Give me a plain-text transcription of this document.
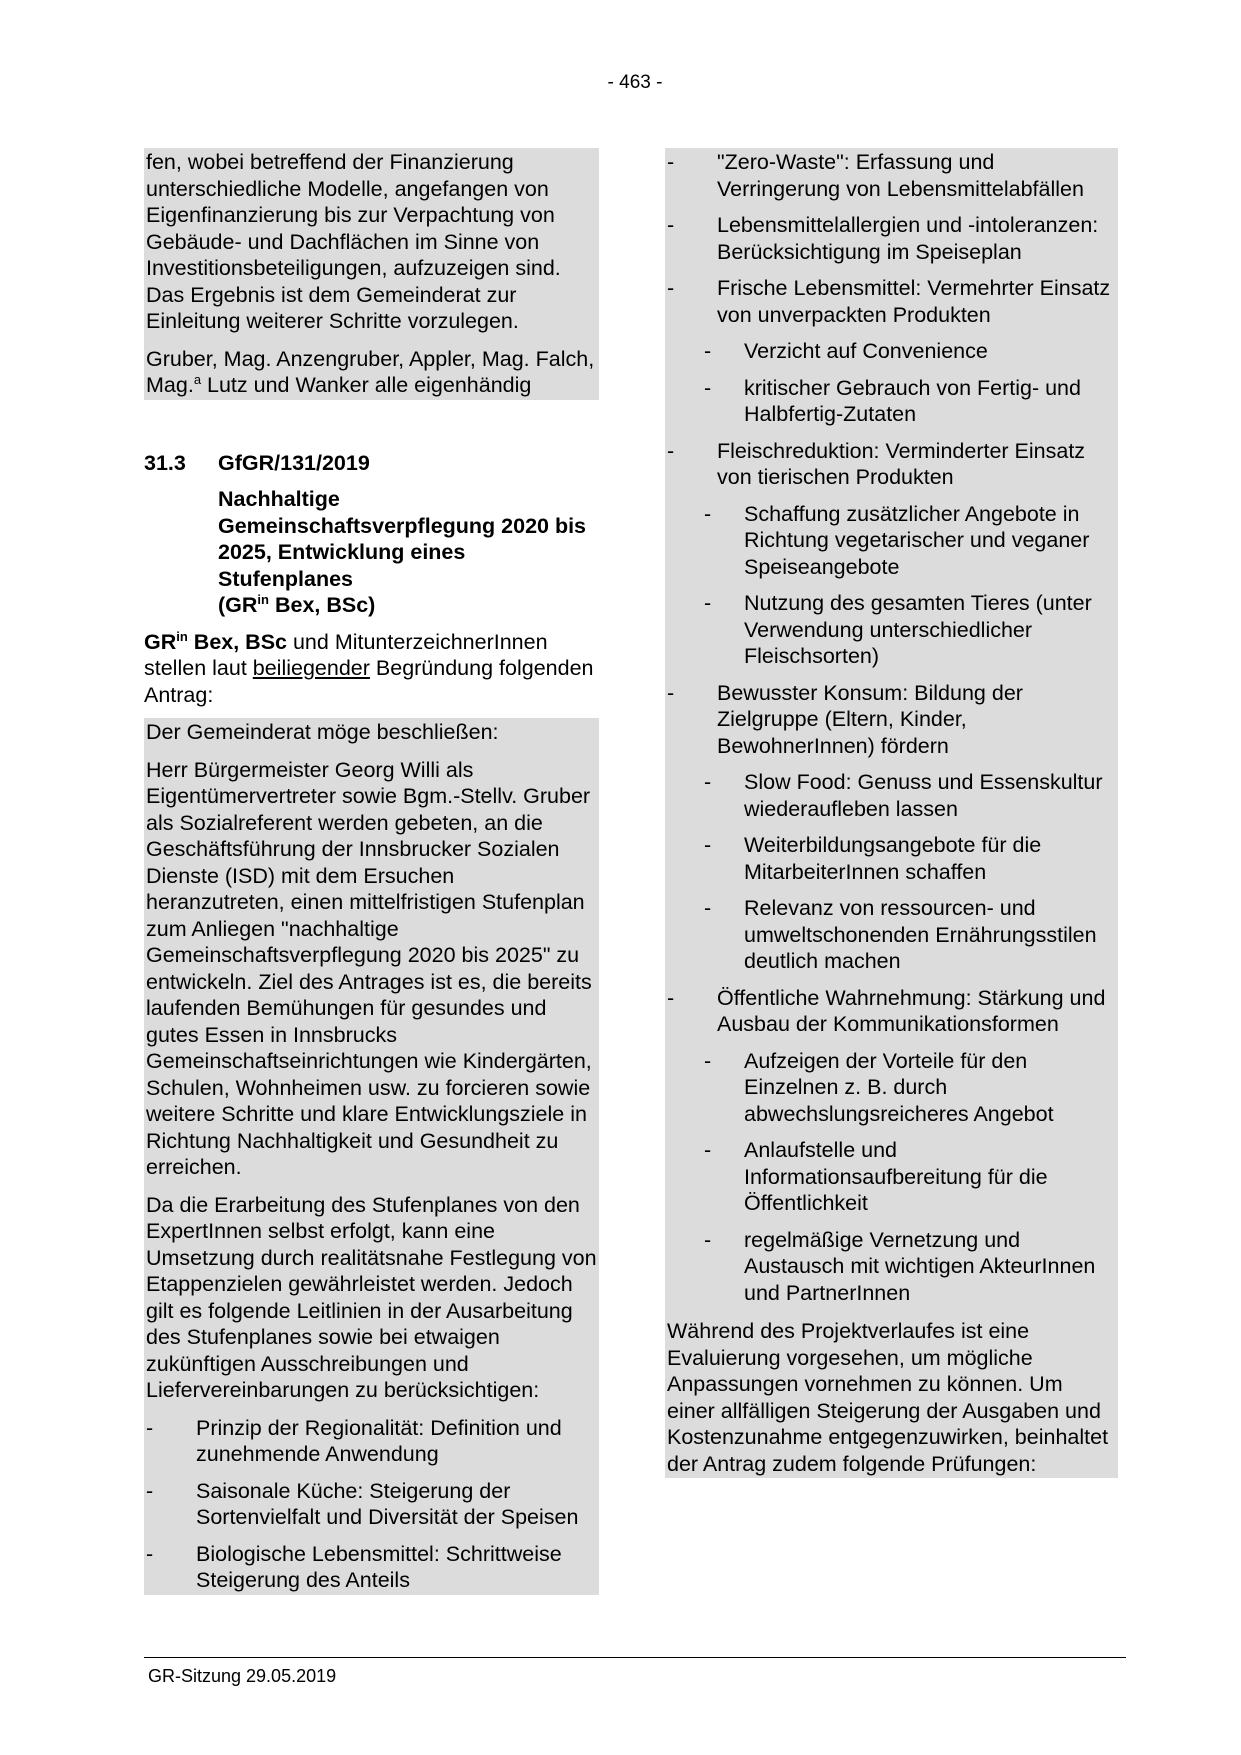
- 463 -

fen, wobei betreffend der Finanzierung unterschiedliche Modelle, angefangen von Eigenfinanzierung bis zur Verpachtung von Gebäude- und Dachflächen im Sinne von Investitionsbeteiligungen, aufzuzeigen sind. Das Ergebnis ist dem Gemeinderat zur Einleitung weiterer Schritte vorzulegen.

Gruber, Mag. Anzengruber, Appler, Mag. Falch, Mag.$^a$ Lutz und Wanker alle eigenhändig

31.3	GfGR/131/2019
Nachhaltige Gemeinschaftsverpflegung 2020 bis 2025, Entwicklung eines Stufenplanes
($GR^{in}$ Bex, BSc)

$GR^{in}$ Bex, BSc und MitunterzeichnerInnen stellen laut beiliegender Begründung folgenden Antrag:

Der Gemeinderat möge beschließen:

Herr Bürgermeister Georg Willi als Eigentümervertreter sowie Bgm.-Stellv. Gruber als Sozialreferent werden gebeten, an die Geschäftsführung der Innsbrucker Sozialen Dienste (ISD) mit dem Ersuchen heranzutreten, einen mittelfristigen Stufenplan zum Anliegen "nachhaltige Gemeinschaftsverpflegung 2020 bis 2025" zu entwickeln. Ziel des Antrages ist es, die bereits laufenden Bemühungen für gesundes und gutes Essen in Innsbrucks Gemeinschaftseinrichtungen wie Kindergärten, Schulen, Wohnheimen usw. zu forcieren sowie weitere Schritte und klare Entwicklungsziele in Richtung Nachhaltigkeit und Gesundheit zu erreichen.

Da die Erarbeitung des Stufenplanes von den ExpertInnen selbst erfolgt, kann eine Umsetzung durch realitätsnahe Festlegung von Etappenzielen gewährleistet werden. Jedoch gilt es folgende Leitlinien in der Ausarbeitung des Stufenplanes sowie bei etwaigen zukünftigen Ausschreibungen und Liefervereinbarungen zu berücksichtigen:

-	Prinzip der Regionalität: Definition und zunehmende Anwendung
-	Saisonale Küche: Steigerung der Sortenvielfalt und Diversität der Speisen
-	Biologische Lebensmittel: Schrittweise Steigerung des Anteils
-	"Zero-Waste": Erfassung und Verringerung von Lebensmittelabfällen
-	Lebensmittelallergien und -intoleranzen: Berücksichtigung im Speiseplan
-	Frische Lebensmittel: Vermehrter Einsatz von unverpackten Produkten
-	Verzicht auf Convenience
-	kritischer Gebrauch von Fertig- und Halbfertig-Zutaten
-	Fleischreduktion: Verminderter Einsatz von tierischen Produkten
-	Schaffung zusätzlicher Angebote in Richtung vegetarischer und veganer Speiseangebote
-	Nutzung des gesamten Tieres (unter Verwendung unterschiedlicher Fleischsorten)
-	Bewusster Konsum: Bildung der Zielgruppe (Eltern, Kinder, BewohnerInnen) fördern
-	Slow Food: Genuss und Essenskultur wiederaufleben lassen
-	Weiterbildungsangebote für die MitarbeiterInnen schaffen
-	Relevanz von ressourcen- und umweltschonenden Ernährungsstilen deutlich machen
-	Öffentliche Wahrnehmung: Stärkung und Ausbau der Kommunikationsformen
-	Aufzeigen der Vorteile für den Einzelnen z. B. durch abwechslungsreicheres Angebot
-	Anlaufstelle und Informationsaufbereitung für die Öffentlichkeit
-	regelmäßige Vernetzung und Austausch mit wichtigen AkteurInnen und PartnerInnen

Während des Projektverlaufes ist eine Evaluierung vorgesehen, um mögliche Anpassungen vornehmen zu können. Um einer allfälligen Steigerung der Ausgaben und Kostenzunahme entgegenzuwirken, beinhaltet der Antrag zudem folgende Prüfungen:

GR-Sitzung 29.05.2019
